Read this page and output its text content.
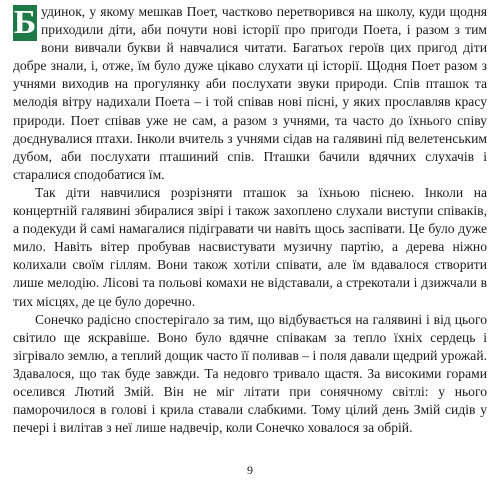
Б удинок, у якому мешкав Поет, частково перетворився на школу, куди щодня приходили діти, аби почути нові історії про пригоди Поета, і разом з тим вони вивчали букви й навчалися читати. Багатьох героїв цих пригод діти добре знали, і, отже, їм було дуже цікаво слухати ці історії. Щодня Поет разом з учнями виходив на прогулянку аби послухати звуки природи. Спів пташок та мелодія вітру надихали Поета – і той співав нові пісні, у яких прославляв красу природи. Поет співав уже не сам, а разом з учнями, та часто до їхнього співу доєднувалися птахи. Інколи вчитель з учнями сідав на галявині під велетенським дубом, аби послухати пташиний спів. Пташки бачили вдячних слухачів і старалися сподобатися їм.

Так діти навчилися розрізняти пташок за їхньою піснею. Інколи на концертній галявині збиралися звірі і також захоплено слухали виступи співаків, а подекуди й самі намагалися підігравати чи навіть щось заспівати. Це було дуже мило. Навіть вітер пробував насвистувати музичну партію, а дерева ніжно колихали своїм гіллям. Вони також хотіли співати, але їм вдавалося створити лише мелодію. Лісові та польові комахи не відставали, а стрекотали і дзижчали в тих місцях, де це було доречно.

Сонечко радісно спостерігало за тим, що відбувається на галявині і від цього світило ще яскравіше. Воно було вдячне співакам за тепло їхніх сердець і зігрівало землю, а теплий дощик часто її поливав – і поля давали щедрий урожай. Здавалося, що так буде завжди. Та недовго тривало щастя. За високими горами оселився Лютий Змій. Він не міг літати при сонячному світлі: у нього паморочилося в голові і крила ставали слабкими. Тому цілий день Змій сидів у печері і вилітав з неї лише надвечір, коли Сонечко ховалося за обрій.

9
